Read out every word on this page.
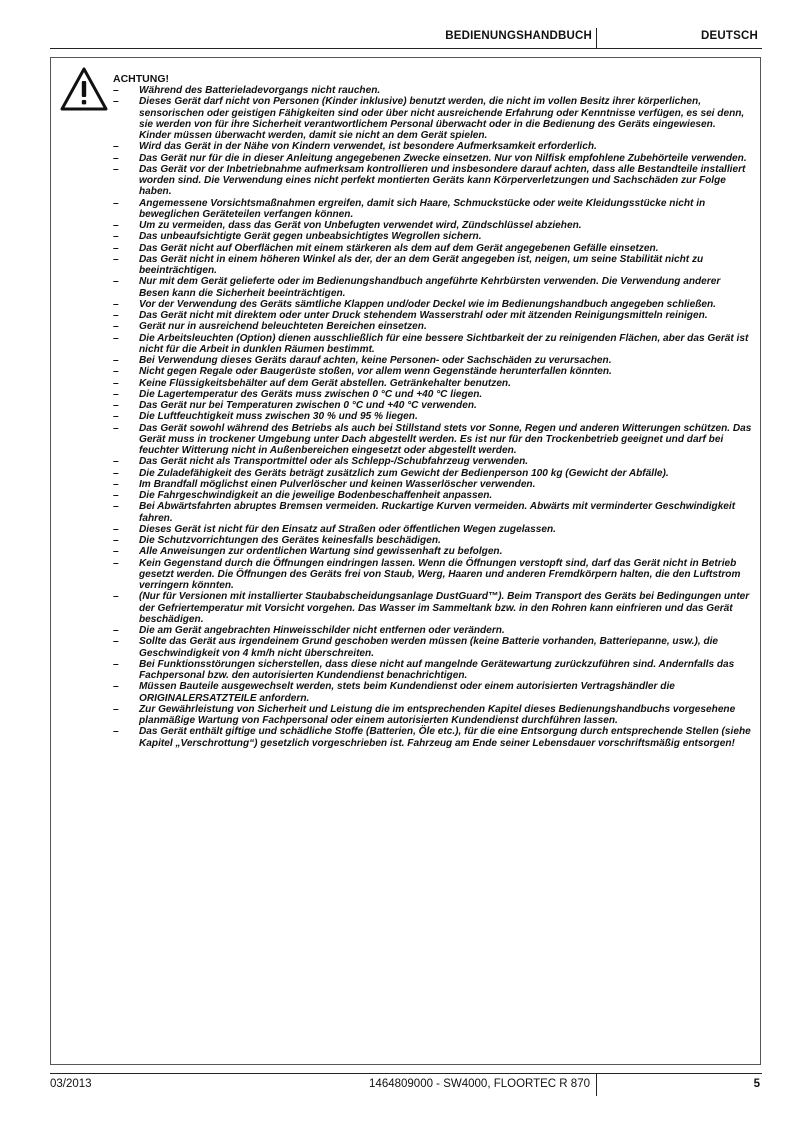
BEDIENUNGSHANDBUCH	DEUTSCH
ACHTUNG!
– Während des Batterieladevorgangs nicht rauchen.
– Dieses Gerät darf nicht von Personen (Kinder inklusive) benutzt werden, die nicht im vollen Besitz ihrer körperlichen, sensorischen oder geistigen Fähigkeiten sind oder über nicht ausreichende Erfahrung oder Kenntnisse verfügen, es sei denn, sie werden von für ihre Sicherheit verantwortlichem Personal überwacht oder in die Bedienung des Geräts eingewiesen.
Kinder müssen überwacht werden, damit sie nicht an dem Gerät spielen.
– Wird das Gerät in der Nähe von Kindern verwendet, ist besondere Aufmerksamkeit erforderlich.
– Das Gerät nur für die in dieser Anleitung angegebenen Zwecke einsetzen. Nur von Nilfisk empfohlene Zubehörteile verwenden.
– Das Gerät vor der Inbetriebnahme aufmerksam kontrollieren und insbesondere darauf achten, dass alle Bestandteile installiert worden sind. Die Verwendung eines nicht perfekt montierten Geräts kann Körperverletzungen und Sachschäden zur Folge haben.
– Angemessene Vorsichtsmaßnahmen ergreifen, damit sich Haare, Schmuckstücke oder weite Kleidungsstücke nicht in beweglichen Geräteteilen verfangen können.
– Um zu vermeiden, dass das Gerät von Unbefugten verwendet wird, Zündschlüssel abziehen.
– Das unbeaufsichtigte Gerät gegen unbeabsichtigtes Wegrollen sichern.
– Das Gerät nicht auf Oberflächen mit einem stärkeren als dem auf dem Gerät angegebenen Gefälle einsetzen.
– Das Gerät nicht in einem höheren Winkel als der, der an dem Gerät angegeben ist, neigen, um seine Stabilität nicht zu beeinträchtigen.
– Nur mit dem Gerät gelieferte oder im Bedienungshandbuch angeführte Kehrbürsten verwenden. Die Verwendung anderer Besen kann die Sicherheit beeinträchtigen.
– Vor der Verwendung des Geräts sämtliche Klappen und/oder Deckel wie im Bedienungshandbuch angegeben schließen.
– Das Gerät nicht mit direktem oder unter Druck stehendem Wasserstrahl oder mit ätzenden Reinigungsmitteln reinigen.
– Gerät nur in ausreichend beleuchteten Bereichen einsetzen.
– Die Arbeitsleuchten (Option) dienen ausschließlich für eine bessere Sichtbarkeit der zu reinigenden Flächen, aber das Gerät ist nicht für die Arbeit in dunklen Räumen bestimmt.
– Bei Verwendung dieses Geräts darauf achten, keine Personen- oder Sachschäden zu verursachen.
– Nicht gegen Regale oder Baugerüste stoßen, vor allem wenn Gegenstände herunterfallen könnten.
– Keine Flüssigkeitsbehälter auf dem Gerät abstellen. Getränkehalter benutzen.
– Die Lagertemperatur des Geräts muss zwischen 0 °C und +40 °C liegen.
– Das Gerät nur bei Temperaturen zwischen 0 °C und +40 °C verwenden.
– Die Luftfeuchtigkeit muss zwischen 30 % und 95 % liegen.
– Das Gerät sowohl während des Betriebs als auch bei Stillstand stets vor Sonne, Regen und anderen Witterungen schützen. Das Gerät muss in trockener Umgebung unter Dach abgestellt werden. Es ist nur für den Trockenbetrieb geeignet und darf bei feuchter Witterung nicht in Außenbereichen eingesetzt oder abgestellt werden.
– Das Gerät nicht als Transportmittel oder als Schlepp-/Schubfahrzeug verwenden.
– Die Zuladefähigkeit des Geräts beträgt zusätzlich zum Gewicht der Bedienperson 100 kg (Gewicht der Abfälle).
– Im Brandfall möglichst einen Pulverlöscher und keinen Wasserlöscher verwenden.
– Die Fahrgeschwindigkeit an die jeweilige Bodenbeschaffenheit anpassen.
– Bei Abwärtsfahrten abruptes Bremsen vermeiden. Ruckartige Kurven vermeiden. Abwärts mit verminderter Geschwindigkeit fahren.
– Dieses Gerät ist nicht für den Einsatz auf Straßen oder öffentlichen Wegen zugelassen.
– Die Schutzvorrichtungen des Gerätes keinesfalls beschädigen.
– Alle Anweisungen zur ordentlichen Wartung sind gewissenhaft zu befolgen.
– Kein Gegenstand durch die Öffnungen eindringen lassen. Wenn die Öffnungen verstopft sind, darf das Gerät nicht in Betrieb gesetzt werden. Die Öffnungen des Geräts frei von Staub, Werg, Haaren und anderen Fremdkörpern halten, die den Luftstrom verringern könnten.
– (Nur für Versionen mit installierter Staubabscheidungsanlage DustGuard™). Beim Transport des Geräts bei Bedingungen unter der Gefriertemperatur mit Vorsicht vorgehen. Das Wasser im Sammeltank bzw. in den Rohren kann einfrieren und das Gerät beschädigen.
– Die am Gerät angebrachten Hinweisschilder nicht entfernen oder verändern.
– Sollte das Gerät aus irgendeinem Grund geschoben werden müssen (keine Batterie vorhanden, Batteriepanne, usw.), die Geschwindigkeit von 4 km/h nicht überschreiten.
– Bei Funktionsstörungen sicherstellen, dass diese nicht auf mangelnde Gerätewartung zurückzuführen sind. Andernfalls das Fachpersonal bzw. den autorisierten Kundendienst benachrichtigen.
– Müssen Bauteile ausgewechselt werden, stets beim Kundendienst oder einem autorisierten Vertragshändler die ORIGINALERSATZTEILE anfordern.
– Zur Gewährleistung von Sicherheit und Leistung die im entsprechenden Kapitel dieses Bedienungshandbuchs vorgesehene planmäßige Wartung von Fachpersonal oder einem autorisierten Kundendienst durchführen lassen.
– Das Gerät enthält giftige und schädliche Stoffe (Batterien, Öle etc.), für die eine Entsorgung durch entsprechende Stellen (siehe Kapitel „Verschrottung“) gesetzlich vorgeschrieben ist. Fahrzeug am Ende seiner Lebensdauer vorschriftsmäßig entsorgen!
03/2013	1464809000 - SW4000, FLOORTEC R 870	5
